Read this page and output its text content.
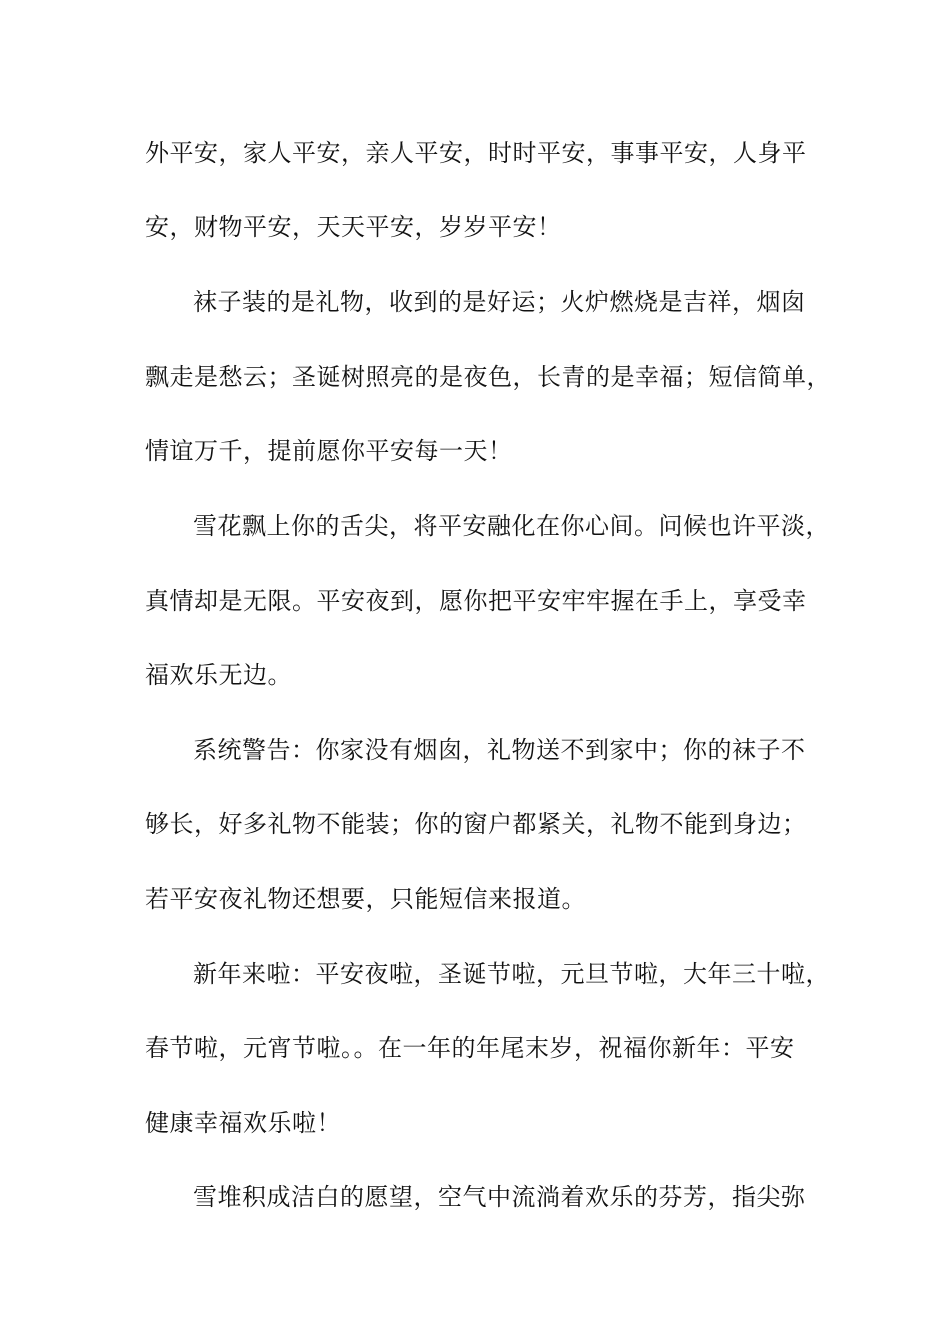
外平安，家人平安，亲人平安，时时平安，事事平安，人身平
安，财物平安，天天平安，岁岁平安！
袜子装的是礼物，收到的是好运；火炉燃烧是吉祥，烟囱
飘走是愁云；圣诞树照亮的是夜色，长青的是幸福；短信简单，
情谊万千，提前愿你平安每一天！
雪花飘上你的舌尖，将平安融化在你心间。问候也许平淡，
真情却是无限。平安夜到，愿你把平安牢牢握在手上，享受幸
福欢乐无边。
系统警告：你家没有烟囱，礼物送不到家中；你的袜子不
够长，好多礼物不能装；你的窗户都紧关，礼物不能到身边；
若平安夜礼物还想要，只能短信来报道。
新年来啦：平安夜啦，圣诞节啦，元旦节啦，大年三十啦，
春节啦，元宵节啦。。在一年的年尾末岁，祝福你新年：平安
健康幸福欢乐啦！
雪堆积成洁白的愿望，空气中流淌着欢乐的芬芳，指尖弥
